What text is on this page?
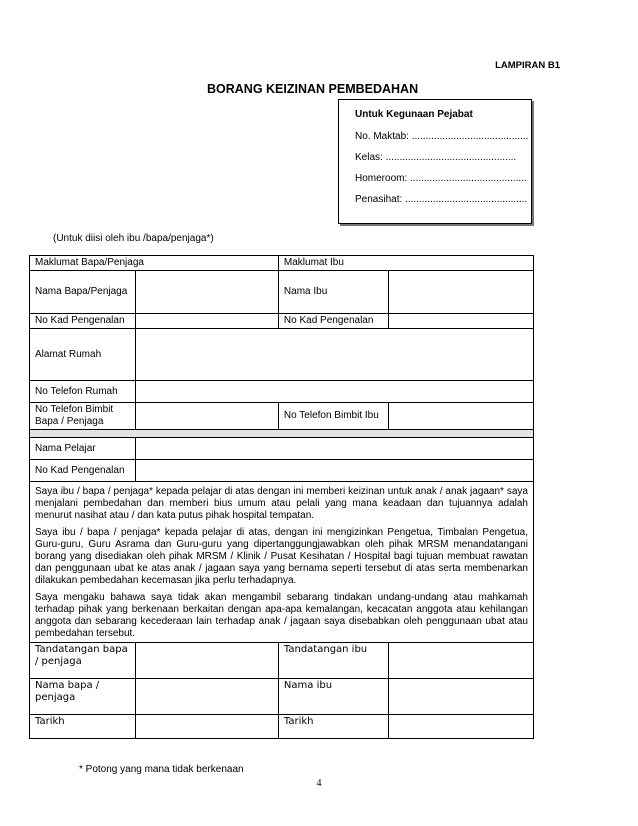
LAMPIRAN B1
BORANG KEIZINAN PEMBEDAHAN
Untuk Kegunaan Pejabat
No. Maktab: ..........................................
Kelas: ...............................................
Homeroom: ..........................................
Penasihat: ............................................
(Untuk diisi oleh ibu /bapa/penjaga*)
Maklumat Bapa/Penjaga		Maklumat Ibu	
Nama Bapa/Penjaga		Nama Ibu	
No Kad Pengenalan		No Kad Pengenalan	
Alamat Rumah			
No Telefon Rumah			
No Telefon Bimbit Bapa / Penjaga		No Telefon Bimbit Ibu	

Nama Pelajar			
No Kad Pengenalan			

Saya ibu / bapa / penjaga* kepada pelajar di atas dengan ini memberi keizinan untuk anak / anak jagaan* saya menjalani pembedahan dan memberi bius umum atau pelali yang mana keadaan dan tujuannya adalah menurut nasihat atau / dan kata putus pihak hospital tempatan.

Saya ibu / bapa / penjaga* kepada pelajar di atas, dengan ini mengizinkan Pengetua, Timbalan Pengetua, Guru-guru, Guru Asrama dan Guru-guru yang dipertanggungjawabkan oleh pihak MRSM menandatangani borang yang disediakan oleh pihak MRSM / Klinik / Pusat Kesihatan / Hospital bagi tujuan membuat rawatan dan penggunaan ubat ke atas anak / jagaan saya yang bernama seperti tersebut di atas serta membenarkan dilakukan pembedahan kecemasan jika perlu terhadapnya.

Saya mengaku bahawa saya tidak akan mengambil sebarang tindakan undang-undang atau mahkamah terhadap pihak yang berkenaan berkaitan dengan apa-apa kemalangan, kecacatan anggota atau kehilangan anggota dan sebarang kecederaan lain terhadap anak / jagaan saya disebabkan oleh penggunaan ubat atau pembedahan tersebut.			

Tandatangan bapa / penjaga		Tandatangan ibu	
Nama bapa / penjaga		Nama ibu	
Tarikh		Tarikh	
* Potong yang mana tidak berkenaan
4
